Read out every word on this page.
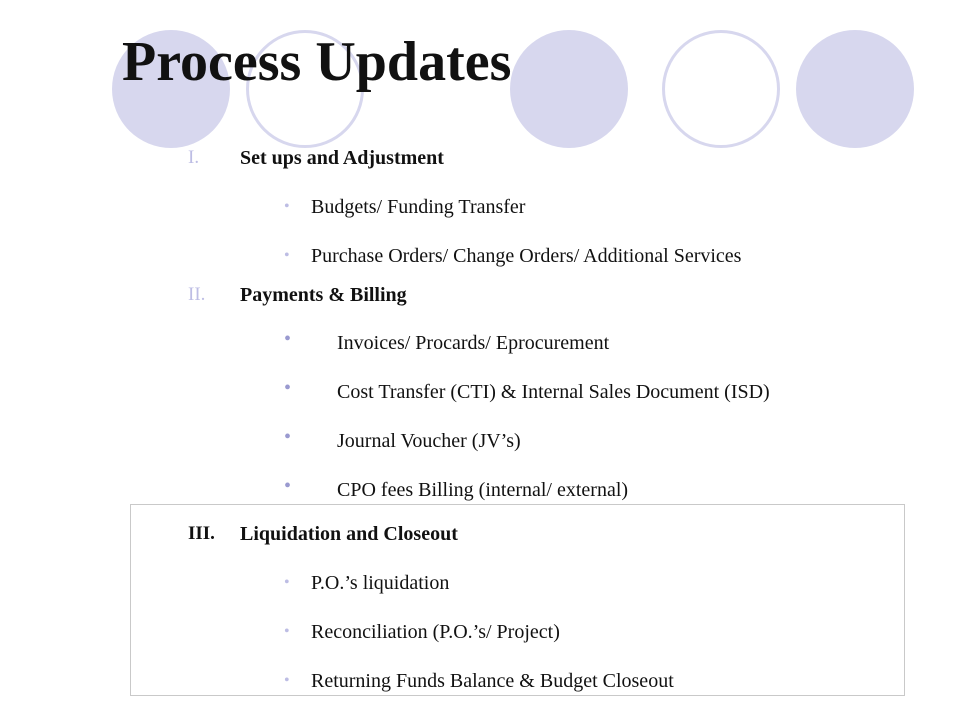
Process Updates
I. Set ups and Adjustment
• Budgets/ Funding Transfer
• Purchase Orders/ Change Orders/ Additional Services
II. Payments & Billing
• Invoices/ Procards/ Eprocurement
• Cost Transfer (CTI) & Internal Sales Document (ISD)
• Journal Voucher (JV’s)
• CPO fees Billing (internal/ external)
III. Liquidation and Closeout
• P.O.’s liquidation
• Reconciliation (P.O.’s/ Project)
• Returning Funds Balance & Budget Closeout
